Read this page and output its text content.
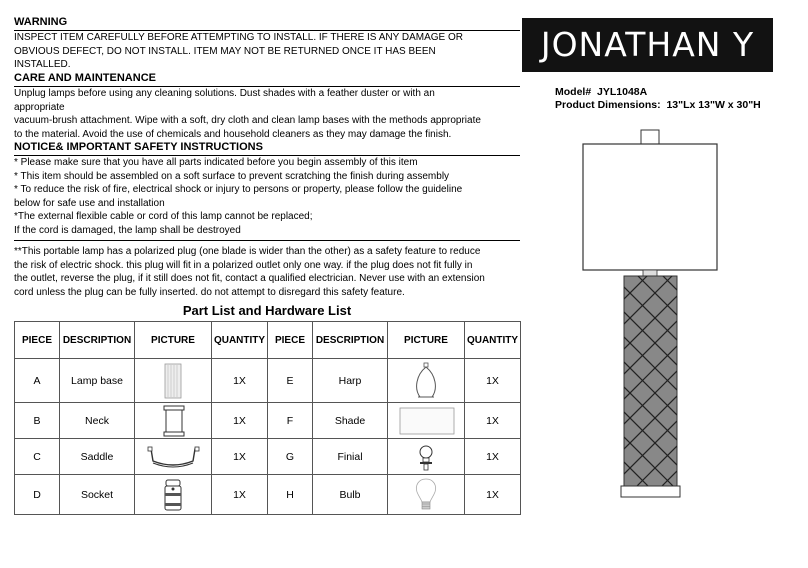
WARNING
INSPECT ITEM CAREFULLY BEFORE ATTEMPTING TO INSTALL. IF THERE IS ANY DAMAGE OR
OBVIOUS DEFECT, DO NOT INSTALL. ITEM MAY NOT BE RETURNED ONCE IT HAS BEEN
INSTALLED.
CARE AND MAINTENANCE
Unplug lamps before using any cleaning solutions. Dust shades with a feather duster or with an
appropriate
vacuum-brush attachment. Wipe with a soft, dry cloth and clean lamp bases with the methods appropriate
to the material. Avoid the use of chemicals and household cleaners as they may damage the finish.
NOTICE& IMPORTANT SAFETY INSTRUCTIONS
* Please make sure that you have all parts indicated before you begin assembly of this item
* This item should be assembled on a soft surface to prevent scratching the finish during assembly
* To reduce the risk of fire, electrical shock or injury to persons or property, please follow the guideline
below for safe use and installation
*The external flexible cable or cord of this lamp cannot be replaced;
If the cord is damaged, the lamp shall be destroyed
**This portable lamp has a polarized plug (one blade is wider than the other) as a safety feature to reduce
the risk of electric shock. this plug will fit in a polarized outlet only one way. if the plug does not fit fully in
the outlet, reverse the plug, if it still does not fit, contact a qualified electrician. Never use with an extension
cord unless the plug can be fully inserted. do not attempt to disregard this safety feature.
JONATHAN Y
Model# JYL1048A
Product Dimensions: 13"Lx 13"W x 30"H
Part List and Hardware List
PIECE	DESCRIPTION	PICTURE	QUANTITY	PIECE	DESCRIPTION	PICTURE	QUANTITY
A	Lamp base		1X	E	Harp		1X
B	Neck		1X	F	Shade		1X
C	Saddle		1X	G	Finial		1X
D	Socket		1X	H	Bulb		1X
